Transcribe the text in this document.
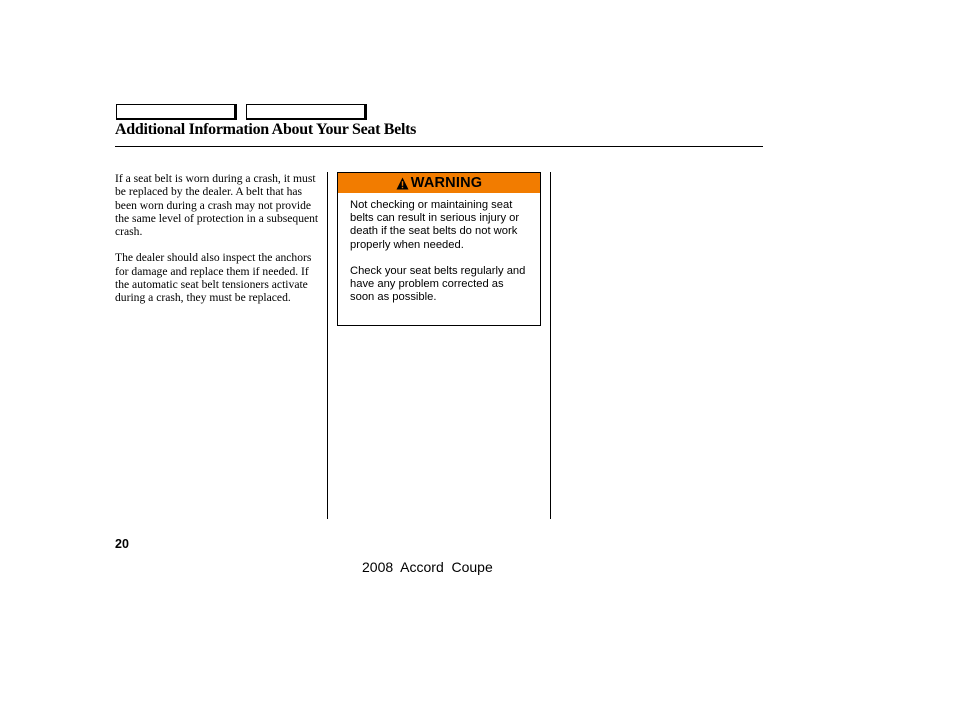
Additional Information About Your Seat Belts

If a seat belt is worn during a crash, it must be replaced by the dealer. A belt that has been worn during a crash may not provide the same level of protection in a subsequent crash.

The dealer should also inspect the anchors for damage and replace them if needed. If the automatic seat belt tensioners activate during a crash, they must be replaced.

WARNING

Not checking or maintaining seat belts can result in serious injury or death if the seat belts do not work properly when needed.

Check your seat belts regularly and have any problem corrected as soon as possible.

20
2008  Accord  Coupe
